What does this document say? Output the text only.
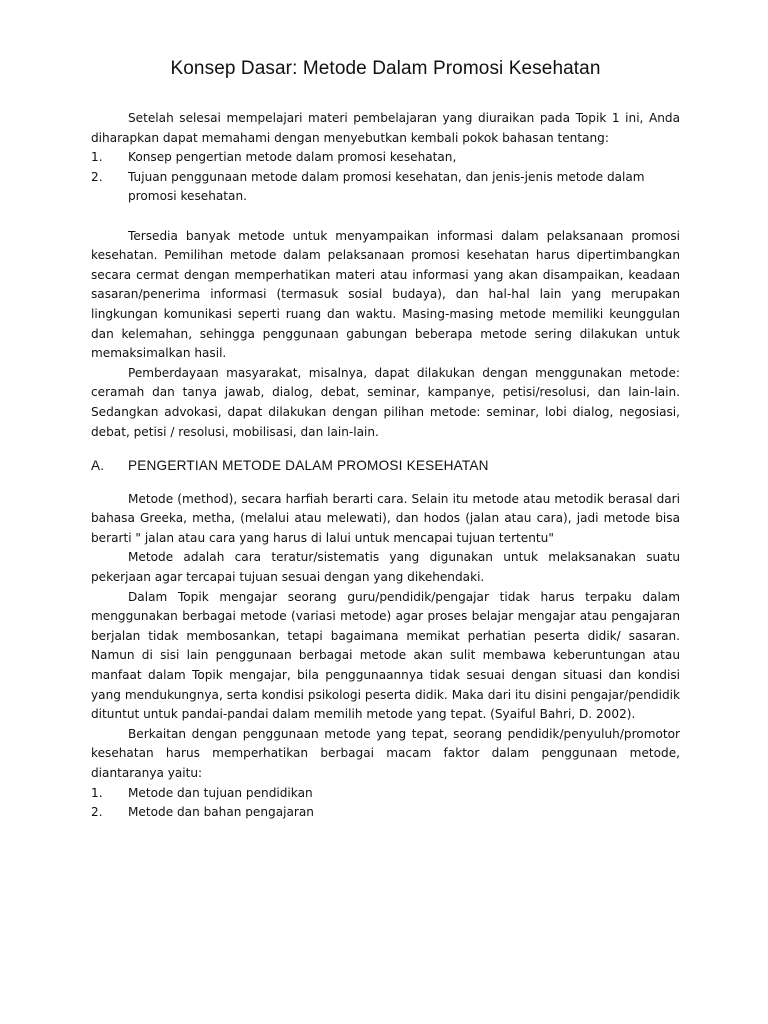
Konsep Dasar: Metode Dalam Promosi Kesehatan

Setelah selesai mempelajari materi pembelajaran yang diuraikan pada Topik 1 ini, Anda diharapkan dapat memahami dengan menyebutkan kembali pokok bahasan tentang:

1.	Konsep pengertian metode dalam promosi kesehatan,
2.	Tujuan penggunaan metode dalam promosi kesehatan, dan jenis-jenis metode dalam promosi kesehatan.

Tersedia banyak metode untuk menyampaikan informasi dalam pelaksanaan promosi kesehatan. Pemilihan metode dalam pelaksanaan promosi kesehatan harus dipertimbangkan secara cermat dengan memperhatikan materi atau informasi yang akan disampaikan, keadaan sasaran/penerima informasi (termasuk sosial budaya), dan hal-hal lain yang merupakan lingkungan komunikasi seperti ruang dan waktu. Masing-masing metode memiliki keunggulan dan kelemahan, sehingga penggunaan gabungan beberapa metode sering dilakukan untuk memaksimalkan hasil.

Pemberdayaan masyarakat, misalnya, dapat dilakukan dengan menggunakan metode: ceramah dan tanya jawab, dialog, debat, seminar, kampanye, petisi/resolusi, dan lain-lain. Sedangkan advokasi, dapat dilakukan dengan pilihan metode: seminar, lobi dialog, negosiasi, debat, petisi / resolusi, mobilisasi, dan lain-lain.

A.	PENGERTIAN METODE DALAM PROMOSI KESEHATAN

Metode (method), secara harfiah berarti cara. Selain itu metode atau metodik berasal dari bahasa Greeka, metha, (melalui atau melewati), dan hodos (jalan atau cara), jadi metode bisa berarti " jalan atau cara yang harus di lalui untuk mencapai tujuan tertentu"

Metode adalah cara teratur/sistematis yang digunakan untuk melaksanakan suatu pekerjaan agar tercapai tujuan sesuai dengan yang dikehendaki.

Dalam Topik mengajar seorang guru/pendidik/pengajar tidak harus terpaku dalam menggunakan berbagai metode (variasi metode) agar proses belajar mengajar atau pengajaran berjalan tidak membosankan, tetapi bagaimana memikat perhatian peserta didik/ sasaran. Namun di sisi lain penggunaan berbagai metode akan sulit membawa keberuntungan atau manfaat dalam Topik mengajar, bila penggunaannya tidak sesuai dengan situasi dan kondisi yang mendukungnya, serta kondisi psikologi peserta didik. Maka dari itu disini pengajar/pendidik dituntut untuk pandai-pandai dalam memilih metode yang tepat. (Syaiful Bahri, D. 2002).

Berkaitan dengan penggunaan metode yang tepat, seorang pendidik/penyuluh/promotor kesehatan harus memperhatikan berbagai macam faktor dalam penggunaan metode, diantaranya yaitu:

1.	Metode dan tujuan pendidikan
2.	Metode dan bahan pengajaran
